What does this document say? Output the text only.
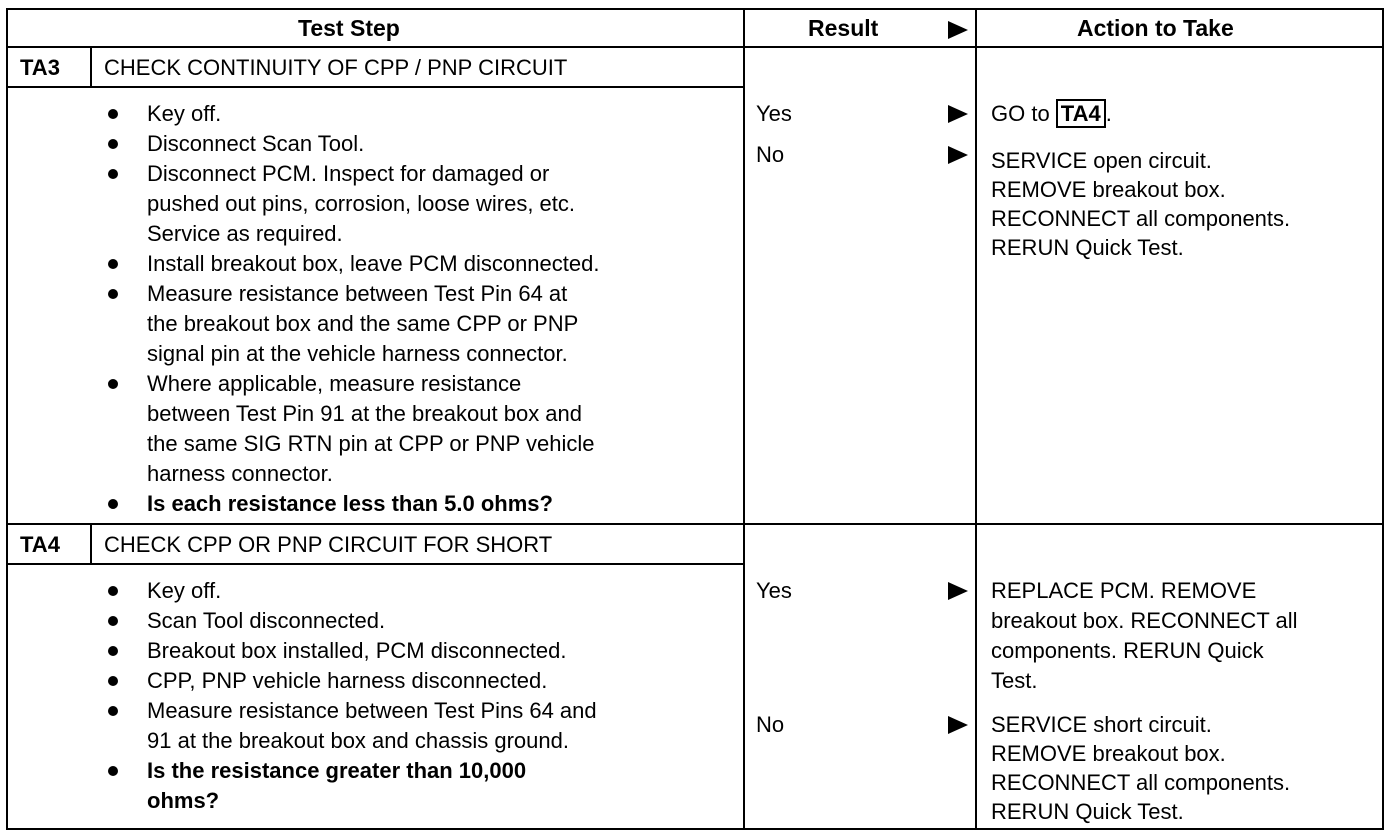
Test Step	Result	Action to Take
TA3 CHECK CONTINUITY OF CPP / PNP CIRCUIT
Key off.
Disconnect Scan Tool.
Disconnect PCM. Inspect for damaged or
pushed out pins, corrosion, loose wires, etc.
Service as required.
Install breakout box, leave PCM disconnected.
Measure resistance between Test Pin 64 at
the breakout box and the same CPP or PNP
signal pin at the vehicle harness connector.
Where applicable, measure resistance
between Test Pin 91 at the breakout box and
the same SIG RTN pin at CPP or PNP vehicle
harness connector.
Is each resistance less than 5.0 ohms?
Yes	GO to TA4 .
No	SERVICE open circuit.
REMOVE breakout box.
RECONNECT all components.
RERUN Quick Test.
TA4 CHECK CPP OR PNP CIRCUIT FOR SHORT
Key off.
Scan Tool disconnected.
Breakout box installed, PCM disconnected.
CPP, PNP vehicle harness disconnected.
Measure resistance between Test Pins 64 and
91 at the breakout box and chassis ground.
Is the resistance greater than 10,000
ohms?
Yes	REPLACE PCM. REMOVE
breakout box. RECONNECT all
components. RERUN Quick
Test.
No	SERVICE short circuit.
REMOVE breakout box.
RECONNECT all components.
RERUN Quick Test.
